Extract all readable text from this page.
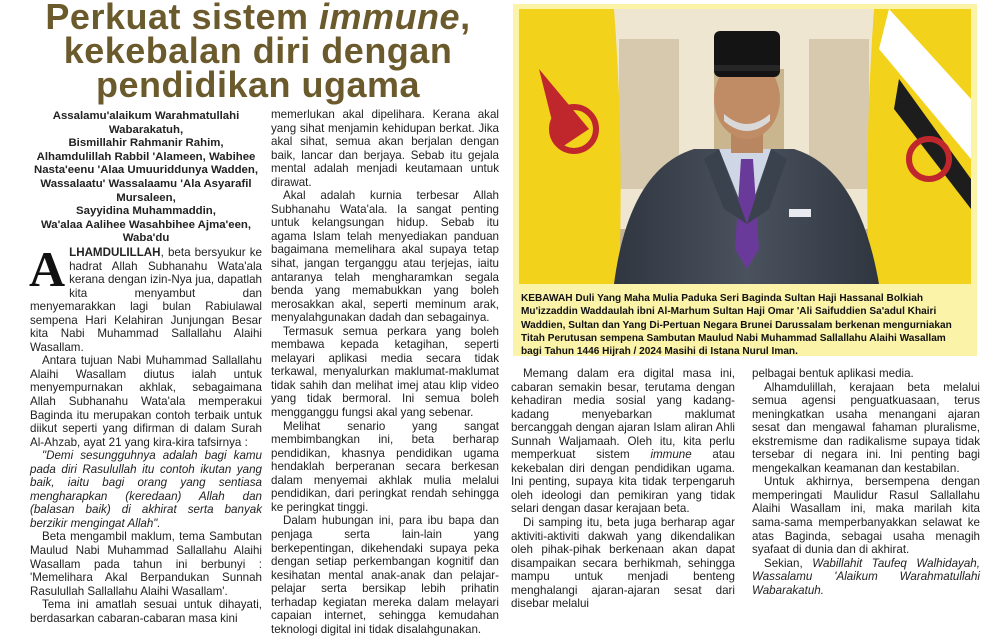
Perkuat sistem immune,
kekebalan diri dengan
pendidikan ugama
Assalamu'alaikum Warahmatullahi
Wabarakatuh,
Bismillahir Rahmanir Rahim,
Alhamdulillah Rabbil 'Alameen, Wabihee
Nasta'eenu 'Alaa Umuuriddunya Wadden,
Wassalaatu' Wassalaamu 'Ala Asyarafil
Mursaleen,
Sayyidina Muhammaddin,
Wa'alaa Aalihee Wasahbihee Ajma'een,
Waba'du

ALHAMDULILLAH, beta bersyukur ke hadrat Allah Subhanahu Wata'ala kerana dengan izin-Nya jua, dapatlah kita menyambut dan menyemarakkan lagi bulan Rabiulawal sempena Hari Kelahiran Junjungan Besar kita Nabi Muhammad Sallallahu Alaihi Wasallam.

Antara tujuan Nabi Muhammad Sallallahu Alaihi Wasallam diutus ialah untuk menyempurnakan akhlak, sebagaimana Allah Subhanahu Wata'ala memperakui Baginda itu merupakan contoh terbaik untuk diikut seperti yang difirman di dalam Surah Al-Ahzab, ayat 21 yang kira-kira tafsirnya :

"Demi sesungguhnya adalah bagi kamu pada diri Rasulullah itu contoh ikutan yang baik, iaitu bagi orang yang sentiasa mengharapkan (keredaan) Allah dan (balasan baik) di akhirat serta banyak berzikir mengingat Allah".

Beta mengambil maklum, tema Sambutan Maulud Nabi Muhammad Sallallahu Alaihi Wasallam pada tahun ini berbunyi : 'Memelihara Akal Berpandukan Sunnah Rasulullah Sallallahu Alaihi Wasallam'.

Tema ini amatlah sesuai untuk dihayati, berdasarkan cabaran-cabaran masa kini

memerlukan akal dipelihara. Kerana akal yang sihat menjamin kehidupan berkat. Jika akal sihat, semua akan berjalan dengan baik, lancar dan berjaya. Sebab itu gejala mental adalah menjadi keutamaan untuk dirawat.

Akal adalah kurnia terbesar Allah Subhanahu Wata'ala. Ia sangat penting untuk kelangsungan hidup. Sebab itu agama Islam telah menyediakan panduan bagaimana memelihara akal supaya tetap sihat, jangan terganggu atau terjejas, iaitu antaranya telah mengharamkan segala benda yang memabukkan yang boleh merosakkan akal, seperti meminum arak, menyalahgunakan dadah dan sebagainya.

Termasuk semua perkara yang boleh membawa kepada ketagihan, seperti melayari aplikasi media secara tidak terkawal, menyalurkan maklumat-maklumat tidak sahih dan melihat imej atau klip video yang tidak bermoral. Ini semua boleh mengganggu fungsi akal yang sebenar.

Melihat senario yang sangat membimbangkan ini, beta berharap pendidikan, khasnya pendidikan ugama hendaklah berperanan secara berkesan dalam menyemai akhlak mulia melalui pendidikan, dari peringkat rendah sehingga ke peringkat tinggi.

Dalam hubungan ini, para ibu bapa dan penjaga serta lain-lain yang berkepentingan, dikehendaki supaya peka dengan setiap perkembangan kognitif dan kesihatan mental anak-anak dan pelajar-pelajar serta bersikap lebih prihatin terhadap kegiatan mereka dalam melayari capaian internet, sehingga kemudahan teknologi digital ini tidak disalahgunakan.

KEBAWAH Duli Yang Maha Mulia Paduka Seri Baginda Sultan Haji Hassanal Bolkiah Mu'izzaddin Waddaulah ibni Al-Marhum Sultan Haji Omar 'Ali Saifuddien Sa'adul Khairi Waddien, Sultan dan Yang Di-Pertuan Negara Brunei Darussalam berkenan mengurniakan Titah Perutusan sempena Sambutan Maulud Nabi Muhammad Sallallahu Alaihi Wasallam bagi Tahun 1446 Hijrah / 2024 Masihi di Istana Nurul Iman.

Memang dalam era digital masa ini, cabaran semakin besar, terutama dengan kehadiran media sosial yang kadang-kadang menyebarkan maklumat bercanggah dengan ajaran Islam aliran Ahli Sunnah Waljamaah. Oleh itu, kita perlu memperkuat sistem immune atau kekebalan diri dengan pendidikan ugama. Ini penting, supaya kita tidak terpengaruh oleh ideologi dan pemikiran yang tidak selari dengan dasar kerajaan beta.

Di samping itu, beta juga berharap agar aktiviti-aktiviti dakwah yang dikendalikan oleh pihak-pihak berkenaan akan dapat disampaikan secara berhikmah, sehingga mampu untuk menjadi benteng menghalangi ajaran-ajaran sesat dari disebar melalui

pelbagai bentuk aplikasi media.

Alhamdulillah, kerajaan beta melalui semua agensi penguatkuasaan, terus meningkatkan usaha menangani ajaran sesat dan mengawal fahaman pluralisme, ekstremisme dan radikalisme supaya tidak tersebar di negara ini. Ini penting bagi mengekalkan keamanan dan kestabilan.

Untuk akhirnya, bersempena dengan memperingati Maulidur Rasul Sallallahu Alaihi Wasallam ini, maka marilah kita sama-sama memperbanyakkan selawat ke atas Baginda, sebagai usaha menagih syafaat di dunia dan di akhirat.

Sekian, Wabillahit Taufeq Walhidayah, Wassalamu 'Alaikum Warahmatullahi Wabarakatuh.
